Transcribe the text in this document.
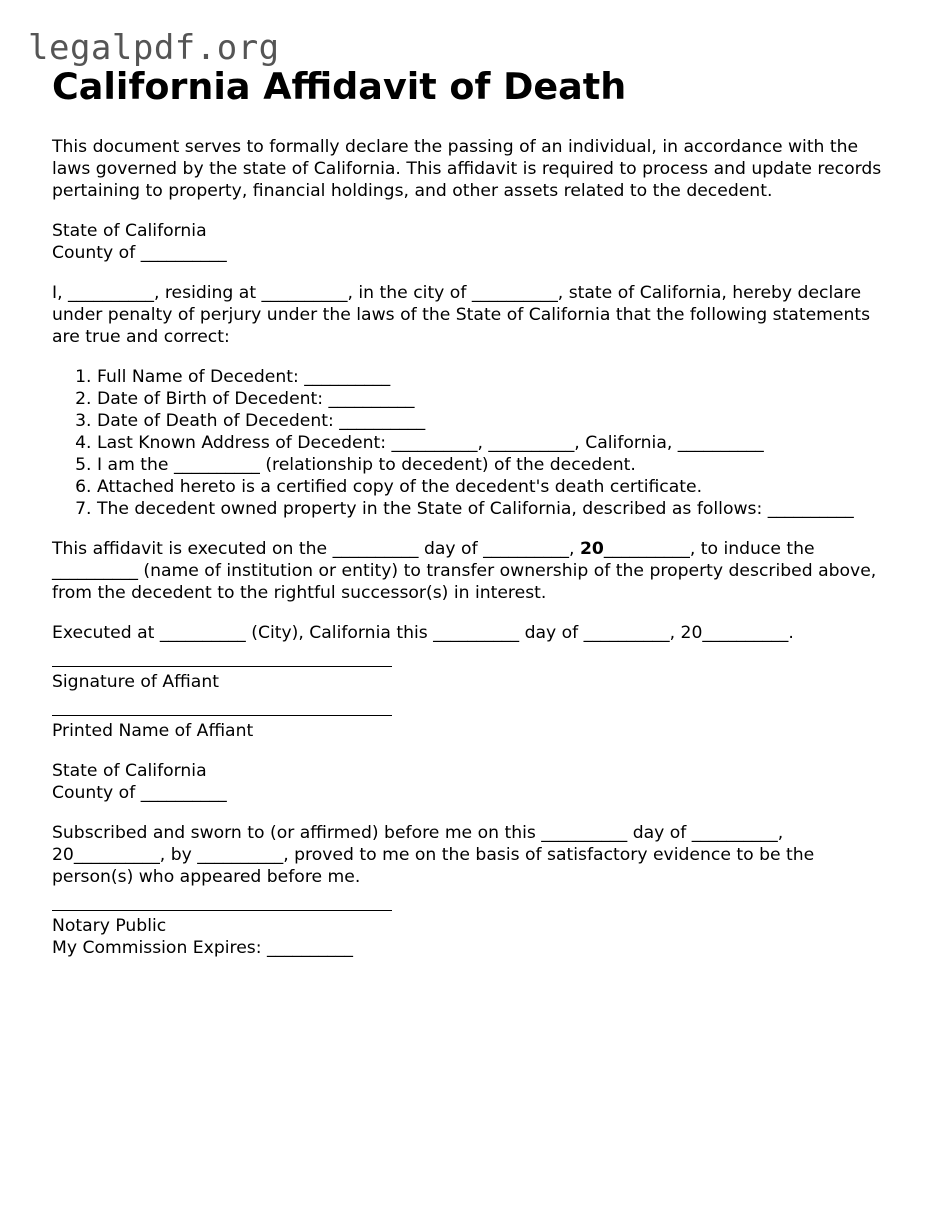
legalpdf.org
California Affidavit of Death

This document serves to formally declare the passing of an individual, in accordance with the laws governed by the state of California. This affidavit is required to process and update records pertaining to property, financial holdings, and other assets related to the decedent.

State of California
County of __________

I, __________, residing at __________, in the city of __________, state of California, hereby declare under penalty of perjury under the laws of the State of California that the following statements are true and correct:

1. Full Name of Decedent: __________
2. Date of Birth of Decedent: __________
3. Date of Death of Decedent: __________
4. Last Known Address of Decedent: __________, __________, California, __________
5. I am the __________ (relationship to decedent) of the decedent.
6. Attached hereto is a certified copy of the decedent's death certificate.
7. The decedent owned property in the State of California, described as follows: __________

This affidavit is executed on the __________ day of __________, 20__________, to induce the __________ (name of institution or entity) to transfer ownership of the property described above, from the decedent to the rightful successor(s) in interest.

Executed at __________ (City), California this __________ day of __________, 20__________.

Signature of Affiant
Printed Name of Affiant

State of California
County of __________

Subscribed and sworn to (or affirmed) before me on this __________ day of __________, 20__________, by __________, proved to me on the basis of satisfactory evidence to be the person(s) who appeared before me.

Notary Public
My Commission Expires: __________
